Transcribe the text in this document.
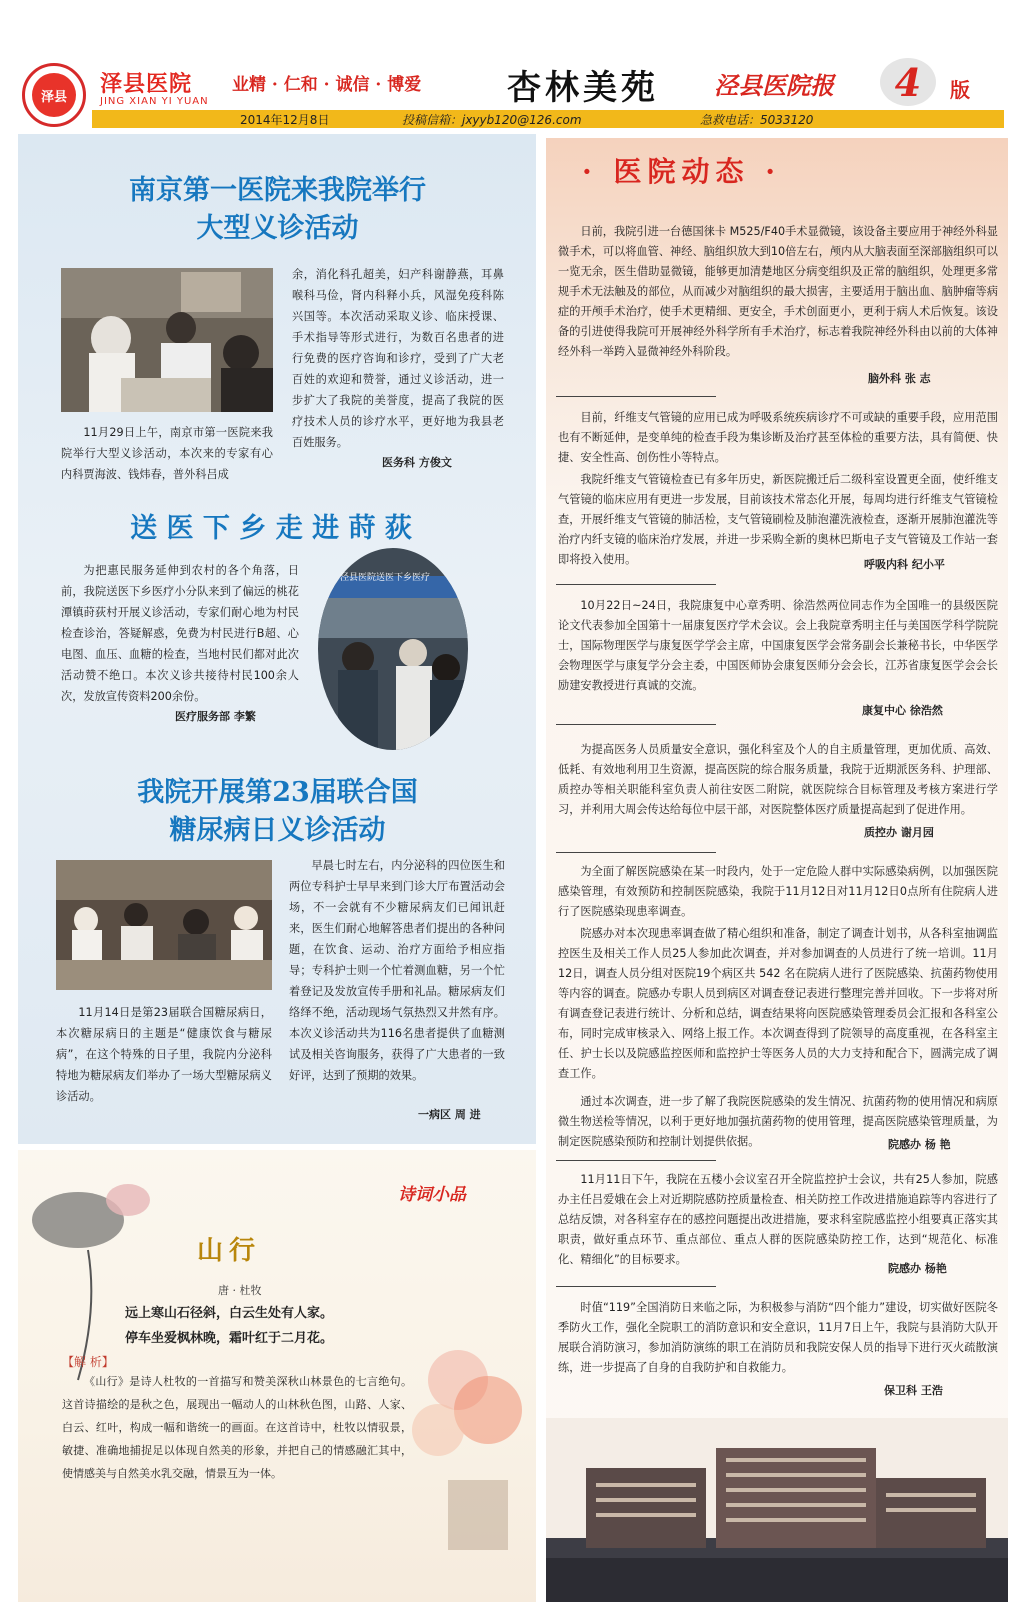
泽县	泽县医院
JING XIAN YI YUAN
业精 · 仁和 · 诚信 · 博爱	杏林美苑 泾县医院报	4	版
2014年12月8日	投稿信箱：jxyyb120@126.com	急救电话：5033120
南京第一医院来我院举行
大型义诊活动
余，消化科孔超美，妇产科谢静燕，耳鼻喉科马俭，肾内科释小兵，风湿免疫科陈兴国等。本次活动采取义诊、临床授课、手术指导等形式进行，为数百名患者的进行免费的医疗咨询和诊疗，受到了广大老百姓的欢迎和赞誉，通过义诊活动，进一步扩大了我院的美誉度，提高了我院的医疗技术人员的诊疗水平，更好地为我县老百姓服务。
11月29日上午，南京市第一医院来我院举行大型义诊活动，本次来的专家有心内科贾海波、钱炜春，普外科吕成
医务科 方俊文
送 医 下 乡 走 进 莳 荻
为把惠民服务延伸到农村的各个角落，日前，我院送医下乡医疗小分队来到了偏远的桃花潭镇莳荻村开展义诊活动，专家们耐心地为村民检查诊治，答疑解惑，免费为村民进行B超、心电图、血压、血糖的检查，当地村民们都对此次活动赞不绝口。本次义诊共接待村民100余人次，发放宣传资料200余份。
医疗服务部 李繁
泾县医院送医下乡医疗
我院开展第23届联合国
糖尿病日义诊活动
11月14日是第23届联合国糖尿病日，本次糖尿病日的主题是“健康饮食与糖尿病”，在这个特殊的日子里，我院内分泌科特地为糖尿病友们举办了一场大型糖尿病义诊活动。
早晨七时左右，内分泌科的四位医生和两位专科护士早早来到门诊大厅布置活动会场，不一会就有不少糖尿病友们已闻讯赶来，医生们耐心地解答患者们提出的各种问题，在饮食、运动、治疗方面给予相应指导；专科护士则一个忙着测血糖，另一个忙着登记及发放宣传手册和礼品。糖尿病友们络绎不绝，活动现场气氛热烈又井然有序。本次义诊活动共为116名患者提供了血糖测试及相关咨询服务，获得了广大患者的一致好评，达到了预期的效果。
一病区 周 进
· 医院动态 ·
日前，我院引进一台德国徕卡 M525/F40手术显微镜，该设备主要应用于神经外科显微手术，可以将血管、神经、脑组织放大到10倍左右，颅内从大脑表面至深部脑组织可以一览无余，医生借助显微镜，能够更加清楚地区分病变组织及正常的脑组织，处理更多常规手术无法触及的部位，从而减少对脑组织的最大损害，主要适用于脑出血、脑肿瘤等病症的开颅手术治疗，使手术更精细、更安全，手术创面更小，更利于病人术后恢复。该设备的引进使得我院可开展神经外科学所有手术治疗，标志着我院神经外科由以前的大体神经外科一举跨入显微神经外科阶段。
脑外科 张 志
目前，纤维支气管镜的应用已成为呼吸系统疾病诊疗不可或缺的重要手段，应用范围也有不断延伸，是变单纯的检查手段为集诊断及治疗甚至体检的重要方法，具有简便、快捷、安全性高、创伤性小等特点。
我院纤维支气管镜检查已有多年历史，新医院搬迁后二级科室设置更全面，使纤维支气管镜的临床应用有更进一步发展，目前该技术常态化开展，每周均进行纤维支气管镜检查，开展纤维支气管镜的肺活检，支气管镜刷检及肺泡灌洗液检查，逐渐开展肺泡灌洗等治疗内纤支镜的临床治疗发展，并进一步采购全新的奥林巴斯电子支气管镜及工作站一套即将投入使用。	呼吸内科 纪小平
10月22日~24日，我院康复中心章秀明、徐浩然两位同志作为全国唯一的县级医院论文代表参加全国第十一届康复医疗学术会议。会上我院章秀明主任与美国医学科学院院士，国际物理医学与康复医学学会主席，中国康复医学会常务副会长兼秘书长，中华医学会物理医学与康复学分会主委，中国医师协会康复医师分会会长，江苏省康复医学会会长励建安教授进行真诚的交流。
康复中心 徐浩然
为提高医务人员质量安全意识，强化科室及个人的自主质量管理，更加优质、高效、低耗、有效地利用卫生资源，提高医院的综合服务质量，我院于近期派医务科、护理部、质控办等相关职能科室负责人前往安医二附院，就医院综合目标管理及考核方案进行学习，并利用大周会传达给每位中层干部，对医院整体医疗质量提高起到了促进作用。
质控办 谢月园
为全面了解医院感染在某一时段内，处于一定危险人群中实际感染病例，以加强医院感染管理，有效预防和控制医院感染，我院于11月12日对11月12日0点所有住院病人进行了医院感染现患率调查。
院感办对本次现患率调查做了精心组织和准备，制定了调查计划书，从各科室抽调监控医生及相关工作人员25人参加此次调查，并对参加调查的人员进行了统一培训。11月12日，调查人员分组对医院19个病区共 542 名在院病人进行了医院感染、抗菌药物使用等内容的调查。院感办专职人员到病区对调查登记表进行整理完善并回收。下一步将对所有调查登记表进行统计、分析和总结，调查结果将向医院感染管理委员会汇报和各科室公布，同时完成审核录入、网络上报工作。本次调查得到了院领导的高度重视，在各科室主任、护士长以及院感监控医师和监控护士等医务人员的大力支持和配合下，圆满完成了调查工作。
通过本次调查，进一步了解了我院医院感染的发生情况、抗菌药物的使用情况和病原微生物送检等情况，以利于更好地加强抗菌药物的使用管理，提高医院感染管理质量，为制定医院感染预防和控制计划提供依据。	院感办 杨 艳
11月11日下午，我院在五楼小会议室召开全院监控护士会议，共有25人参加，院感办主任吕爱娥在会上对近期院感防控质量检查、相关防控工作改进措施追踪等内容进行了总结反馈，对各科室存在的感控问题提出改进措施，要求科室院感监控小组要真正落实其职责，做好重点环节、重点部位、重点人群的医院感染防控工作，达到“规范化、标准化、精细化”的目标要求。
院感办 杨艳
时值“119”全国消防日来临之际，为积极参与消防“四个能力”建设，切实做好医院冬季防火工作，强化全院职工的消防意识和安全意识，11月7日上午，我院与县消防大队开展联合消防演习，参加消防演练的职工在消防员和我院安保人员的指导下进行灭火疏散演练，进一步提高了自身的自我防护和自救能力。
保卫科 王浩
诗词小品
山行
唐 · 杜牧
远上寒山石径斜，白云生处有人家。
停车坐爱枫林晚，霜叶红于二月花。
【解 析】
《山行》是诗人杜牧的一首描写和赞美深秋山林景色的七言绝句。这首诗描绘的是秋之色，展现出一幅动人的山林秋色图，山路、人家、白云、红叶，构成一幅和谐统一的画面。在这首诗中，杜牧以情驭景，敏捷、准确地捕捉足以体现自然美的形象，并把自己的情感融汇其中，使情感美与自然美水乳交融，情景互为一体。
